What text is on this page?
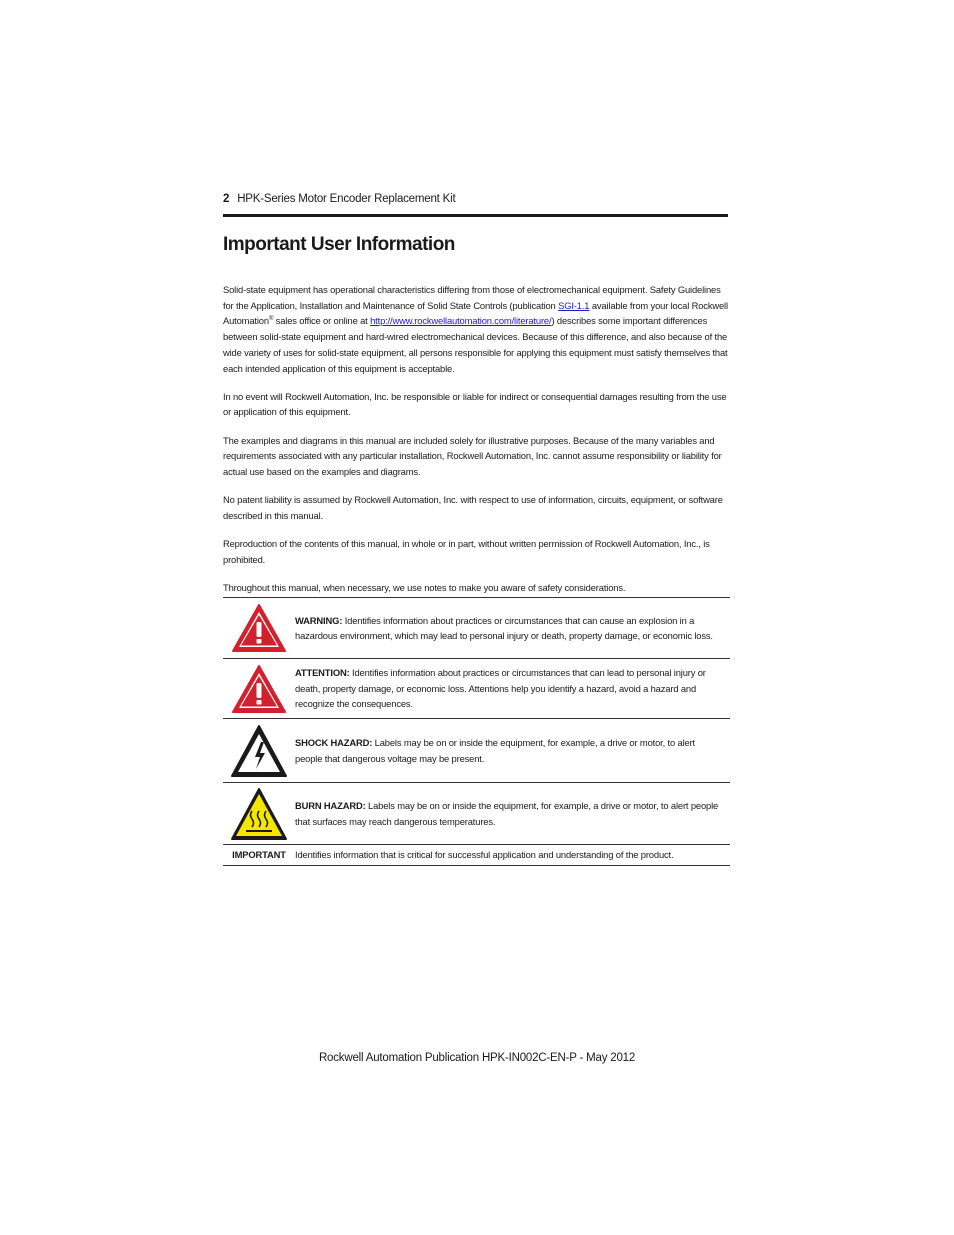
2 HPK-Series Motor Encoder Replacement Kit
Important User Information

Solid-state equipment has operational characteristics differing from those of electromechanical equipment. Safety Guidelines for the Application, Installation and Maintenance of Solid State Controls (publication SGI-1.1 available from your local Rockwell Automation® sales office or online at http://www.rockwellautomation.com/literature/) describes some important differences between solid-state equipment and hard-wired electromechanical devices. Because of this difference, and also because of the wide variety of uses for solid-state equipment, all persons responsible for applying this equipment must satisfy themselves that each intended application of this equipment is acceptable.

In no event will Rockwell Automation, Inc. be responsible or liable for indirect or consequential damages resulting from the use or application of this equipment.

The examples and diagrams in this manual are included solely for illustrative purposes. Because of the many variables and requirements associated with any particular installation, Rockwell Automation, Inc. cannot assume responsibility or liability for actual use based on the examples and diagrams.

No patent liability is assumed by Rockwell Automation, Inc. with respect to use of information, circuits, equipment, or software described in this manual.

Reproduction of the contents of this manual, in whole or in part, without written permission of Rockwell Automation, Inc., is prohibited.

Throughout this manual, when necessary, we use notes to make you aware of safety considerations.

WARNING: Identifies information about practices or circumstances that can cause an explosion in a hazardous environment, which may lead to personal injury or death, property damage, or economic loss.
ATTENTION: Identifies information about practices or circumstances that can lead to personal injury or death, property damage, or economic loss. Attentions help you identify a hazard, avoid a hazard and recognize the consequences.
SHOCK HAZARD: Labels may be on or inside the equipment, for example, a drive or motor, to alert people that dangerous voltage may be present.
BURN HAZARD: Labels may be on or inside the equipment, for example, a drive or motor, to alert people that surfaces may reach dangerous temperatures.
IMPORTANT Identifies information that is critical for successful application and understanding of the product.
Rockwell Automation Publication HPK-IN002C-EN-P - May 2012
